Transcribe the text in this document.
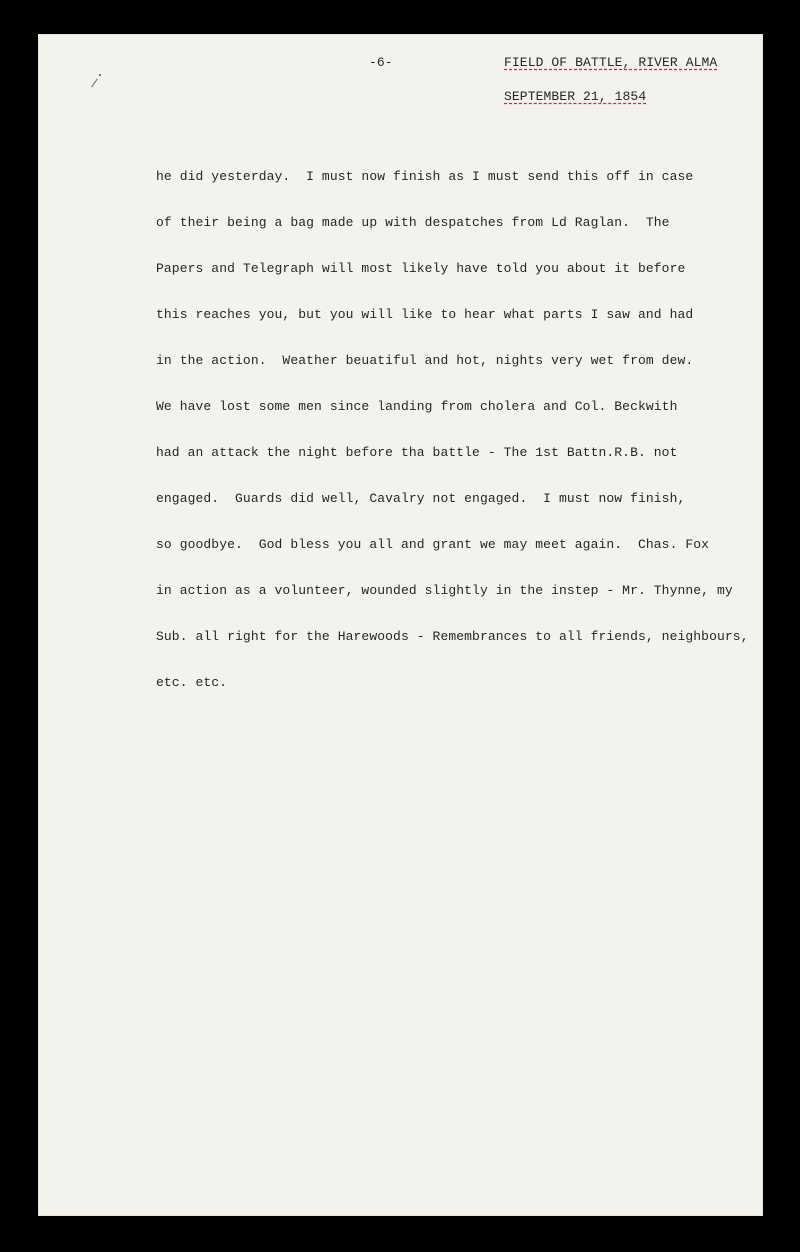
-6-	FIELD OF BATTLE, RIVER ALMA
SEPTEMBER 21, 1854
he did yesterday.  I must now finish as I must send this off in case
of their being a bag made up with despatches from Ld Raglan.  The
Papers and Telegraph will most likely have told you about it before
this reaches you, but you will like to hear what parts I saw and had
in the action.  Weather beuatiful and hot, nights very wet from dew.
We have lost some men since landing from cholera and Col. Beckwith
had an attack the night before tha battle - The 1st Battn.R.B. not
engaged.  Guards did well, Cavalry not engaged.  I must now finish,
so goodbye.  God bless you all and grant we may meet again.  Chas. Fox
in action as a volunteer, wounded slightly in the instep - Mr. Thynne, my
Sub. all right for the Harewoods - Remembrances to all friends, neighbours,
etc. etc.
